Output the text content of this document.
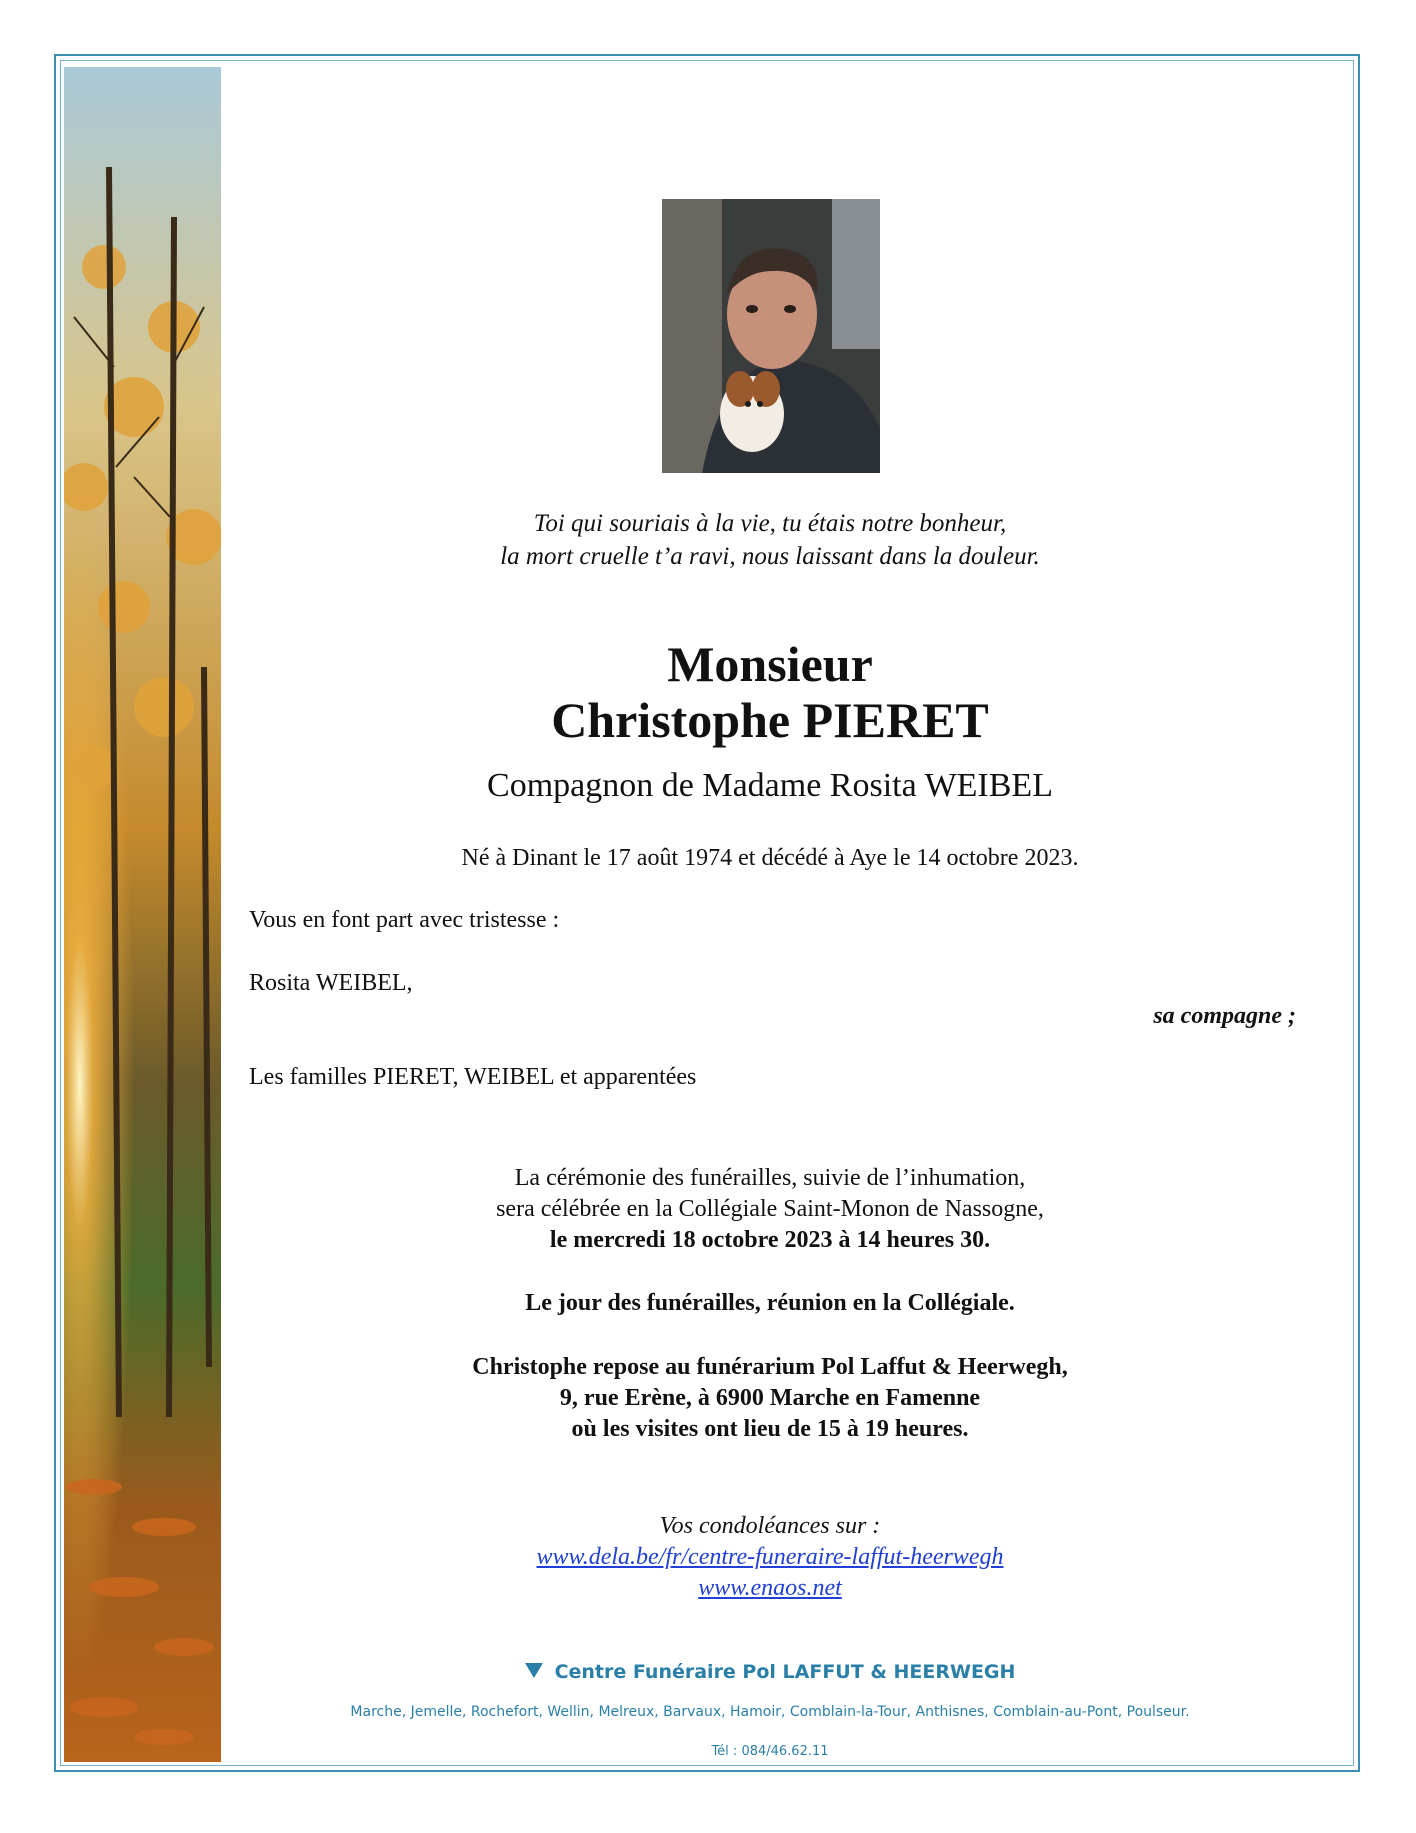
Toi qui souriais à la vie, tu étais notre bonheur,
la mort cruelle t’a ravi, nous laissant dans la douleur.
Monsieur
Christophe PIERET
Compagnon de Madame Rosita WEIBEL
Né à Dinant le 17 août 1974 et décédé à Aye le 14 octobre 2023.
Vous en font part avec tristesse :
Rosita WEIBEL,
sa compagne ;
Les familles PIERET, WEIBEL et apparentées
La cérémonie des funérailles, suivie de l’inhumation,
sera célébrée en la Collégiale Saint-Monon de Nassogne,
le mercredi 18 octobre 2023 à 14 heures 30.
Le jour des funérailles, réunion en la Collégiale.
Christophe repose au funérarium Pol Laffut & Heerwegh,
9, rue Erène, à 6900 Marche en Famenne
où les visites ont lieu de 15 à 19 heures.
Vos condoléances sur :
www.dela.be/fr/centre-funeraire-laffut-heerwegh
www.enaos.net
Centre Funéraire Pol LAFFUT & HEERWEGH
Marche, Jemelle, Rochefort, Wellin, Melreux, Barvaux, Hamoir, Comblain-la-Tour, Anthisnes, Comblain-au-Pont, Poulseur.
Tél : 084/46.62.11
